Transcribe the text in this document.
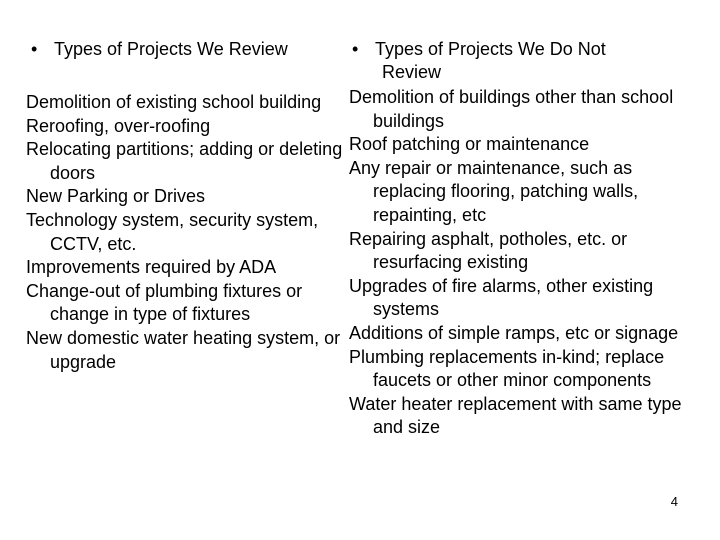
• Types of Projects We Review
Demolition of existing school building
Reroofing, over-roofing
Relocating partitions; adding or deleting doors
New Parking or Drives
Technology system, security system, CCTV, etc.
Improvements required by ADA
Change-out of plumbing fixtures or change in type of fixtures
New domestic water heating system, or upgrade
• Types of Projects We Do Not
Review
Demolition of buildings other than school buildings
Roof patching or maintenance
Any repair or maintenance, such as replacing flooring, patching walls, repainting, etc
Repairing asphalt, potholes, etc. or resurfacing existing
Upgrades of fire alarms, other existing systems
Additions of simple ramps, etc or signage
Plumbing replacements in-kind; replace faucets or other minor components
Water heater replacement with same type and size
4
